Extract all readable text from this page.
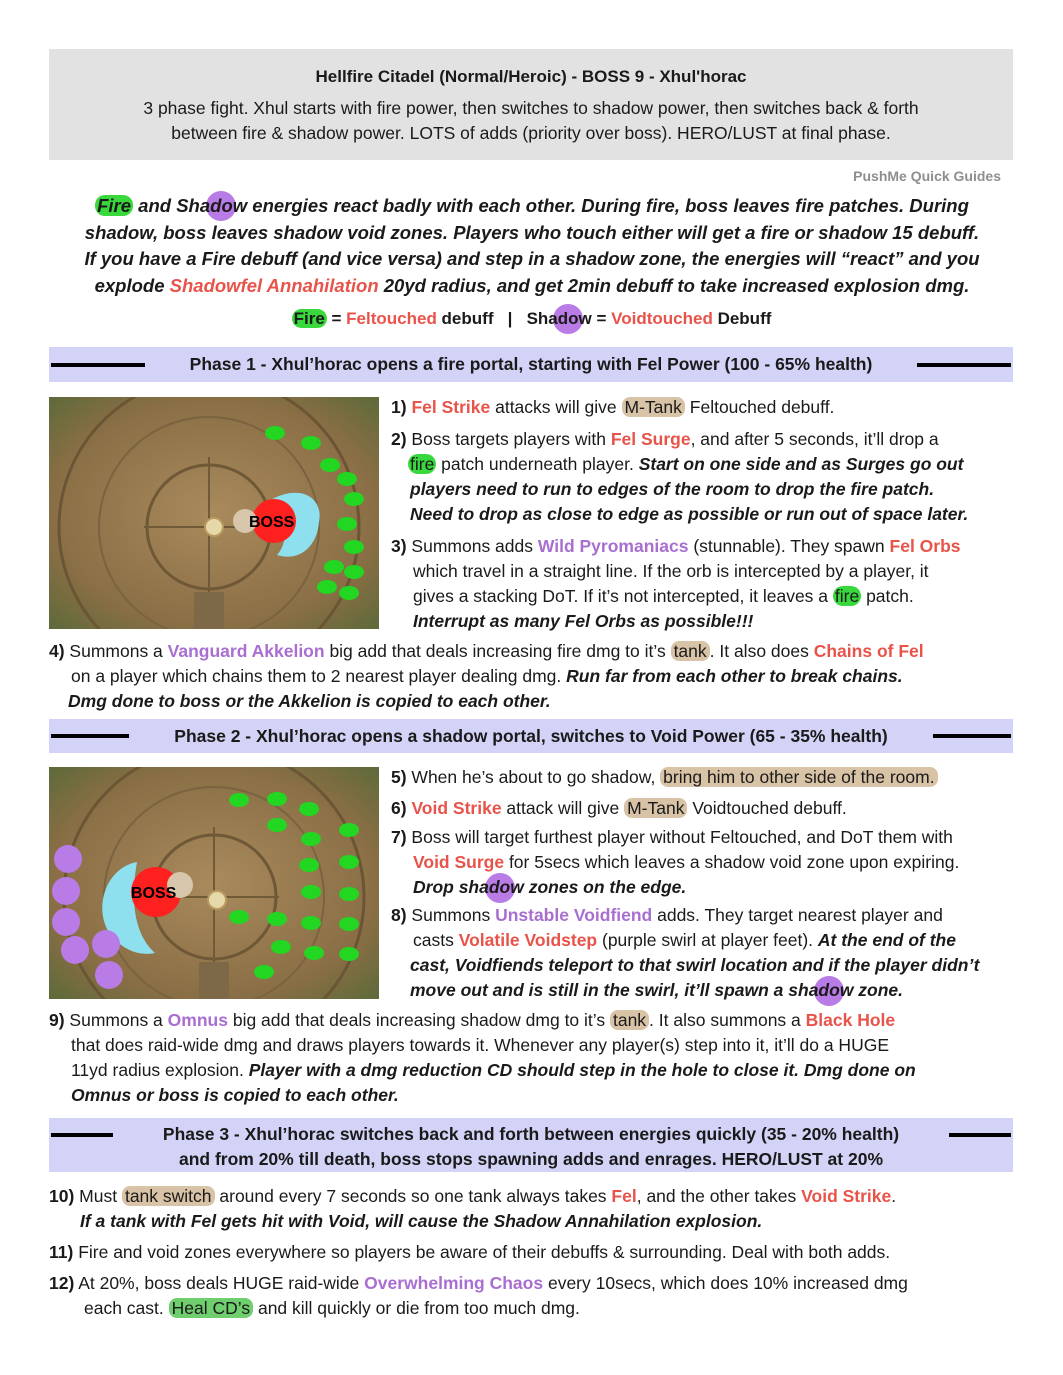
Hellfire Citadel (Normal/Heroic) - BOSS 9 - Xhul'horac
3 phase fight. Xhul starts with fire power, then switches to shadow power, then switches back & forth
between fire & shadow power. LOTS of adds (priority over boss). HERO/LUST at final phase.
PushMe Quick Guides
Fire and Shadow energies react badly with each other. During fire, boss leaves fire patches. During
shadow, boss leaves shadow void zones. Players who touch either will get a fire or shadow 15 debuff.
If you have a Fire debuff (and vice versa) and step in a shadow zone, the energies will “react” and you
explode Shadowfel Annahilation 20yd radius, and get 2min debuff to take increased explosion dmg.
Fire = Feltouched debuff   |   Shadow = Voidtouched Debuff
Phase 1 - Xhul’horac opens a fire portal, starting with Fel Power (100 - 65% health)
BOSS
1) Fel Strike attacks will give M-Tank Feltouched debuff.
2) Boss targets players with Fel Surge, and after 5 seconds, it’ll drop a
fire patch underneath player. Start on one side and as Surges go out
players need to run to edges of the room to drop the fire patch.
Need to drop as close to edge as possible or run out of space later.
3) Summons adds Wild Pyromaniacs (stunnable). They spawn Fel Orbs
which travel in a straight line. If the orb is intercepted by a player, it
gives a stacking DoT. If it’s not intercepted, it leaves a fire patch.
Interrupt as many Fel Orbs as possible!!!
4) Summons a Vanguard Akkelion big add that deals increasing fire dmg to it’s tank . It also does Chains of Fel
on a player which chains them to 2 nearest player dealing dmg. Run far from each other to break chains.
Dmg done to boss or the Akkelion is copied to each other.
Phase 2 - Xhul’horac opens a shadow portal, switches to Void Power (65 - 35% health)
BOSS
5) When he’s about to go shadow, bring him to other side of the room.
6) Void Strike attack will give M-Tank Voidtouched debuff.
7) Boss will target furthest player without Feltouched, and DoT them with
Void Surge for 5secs which leaves a shadow void zone upon expiring.
Drop shadow zones on the edge.
8) Summons Unstable Voidfiend adds. They target nearest player and
casts Volatile Voidstep (purple swirl at player feet). At the end of the
cast, Voidfiends teleport to that swirl location and if the player didn’t
move out and is still in the swirl, it’ll spawn a shadow zone.
9) Summons a Omnus big add that deals increasing shadow dmg to it’s tank . It also summons a Black Hole
that does raid-wide dmg and draws players towards it. Whenever any player(s) step into it, it’ll do a HUGE
11yd radius explosion. Player with a dmg reduction CD should step in the hole to close it. Dmg done on
Omnus or boss is copied to each other.
Phase 3 - Xhul’horac switches back and forth between energies quickly (35 - 20% health)
and from 20% till death, boss stops spawning adds and enrages. HERO/LUST at 20%
10) Must tank switch around every 7 seconds so one tank always takes Fel, and the other takes Void Strike.
If a tank with Fel gets hit with Void, will cause the Shadow Annahilation explosion.
11) Fire and void zones everywhere so players be aware of their debuffs & surrounding. Deal with both adds.
12) At 20%, boss deals HUGE raid-wide Overwhelming Chaos every 10secs, which does 10% increased dmg
each cast. Heal CD’s and kill quickly or die from too much dmg.
